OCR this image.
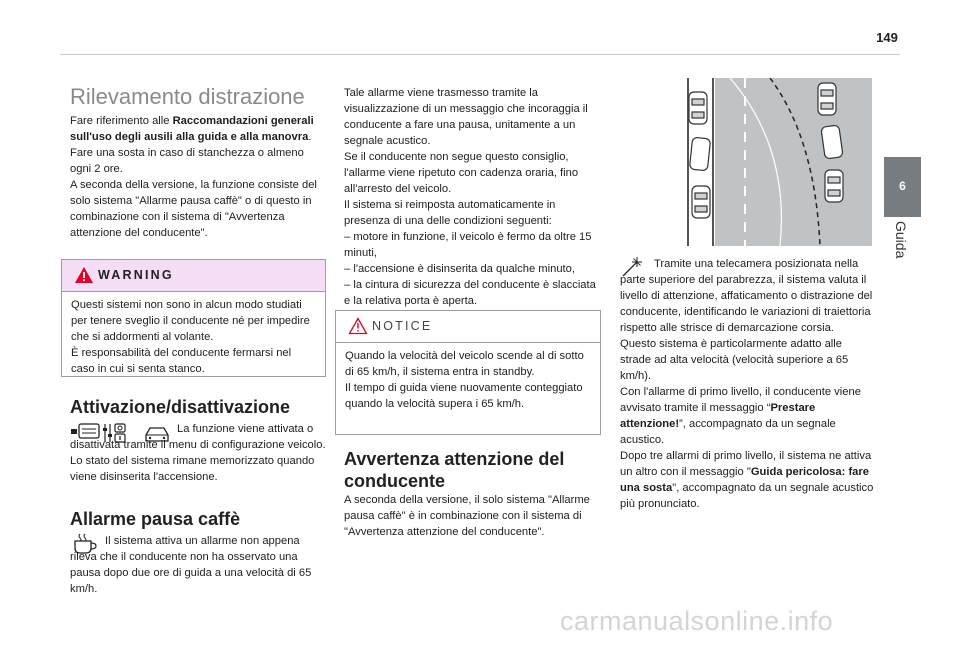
149
6
Guida
Rilevamento distrazione

Fare riferimento alle Raccomandazioni generali sull'uso degli ausili alla guida e alla manovra.

Fare una sosta in caso di stanchezza o almeno ogni 2 ore.

A seconda della versione, la funzione consiste del solo sistema "Allarme pausa caffè" o di questo in combinazione con il sistema di "Avvertenza attenzione del conducente".

WARNING

Questi sistemi non sono in alcun modo studiati per tenere sveglio il conducente né per impedire che si addormenti al volante.

È responsabilità del conducente fermarsi nel caso in cui si senta stanco.

Attivazione/disattivazione

La funzione viene attivata o disattivata tramite il menu di configurazione veicolo.

Lo stato del sistema rimane memorizzato quando viene disinserita l'accensione.

Allarme pausa caffè
Il sistema attiva un allarme non appena rileva che il conducente non ha osservato una pausa dopo due ore di guida a una velocità di 65 km/h.

Tale allarme viene trasmesso tramite la visualizzazione di un messaggio che incoraggia il conducente a fare una pausa, unitamente a un segnale acustico.

Se il conducente non segue questo consiglio, l'allarme viene ripetuto con cadenza oraria, fino all'arresto del veicolo.

Il sistema si reimposta automaticamente in presenza di una delle condizioni seguenti:

– motore in funzione, il veicolo è fermo da oltre 15 minuti,

– l'accensione è disinserita da qualche minuto,

– la cintura di sicurezza del conducente è slacciata e la relativa porta è aperta.

NOTICE

Quando la velocità del veicolo scende al di sotto di 65 km/h, il sistema entra in standby.

Il tempo di guida viene nuovamente conteggiato quando la velocità supera i 65 km/h.

Avvertenza attenzione del conducente
A seconda della versione, il solo sistema "Allarme pausa caffè" è in combinazione con il sistema di "Avvertenza attenzione del conducente".

Tramite una telecamera posizionata nella parte superiore del parabrezza, il sistema valuta il livello di attenzione, affaticamento o distrazione del conducente, identificando le variazioni di traiettoria rispetto alle strisce di demarcazione corsia.

Questo sistema è particolarmente adatto alle strade ad alta velocità (velocità superiore a 65 km/h).

Con l'allarme di primo livello, il conducente viene avvisato tramite il messaggio “Prestare attenzione!”, accompagnato da un segnale acustico.

Dopo tre allarmi di primo livello, il sistema ne attiva un altro con il messaggio "Guida pericolosa: fare una sosta", accompagnato da un segnale acustico più pronunciato.

carmanualsonline.info
